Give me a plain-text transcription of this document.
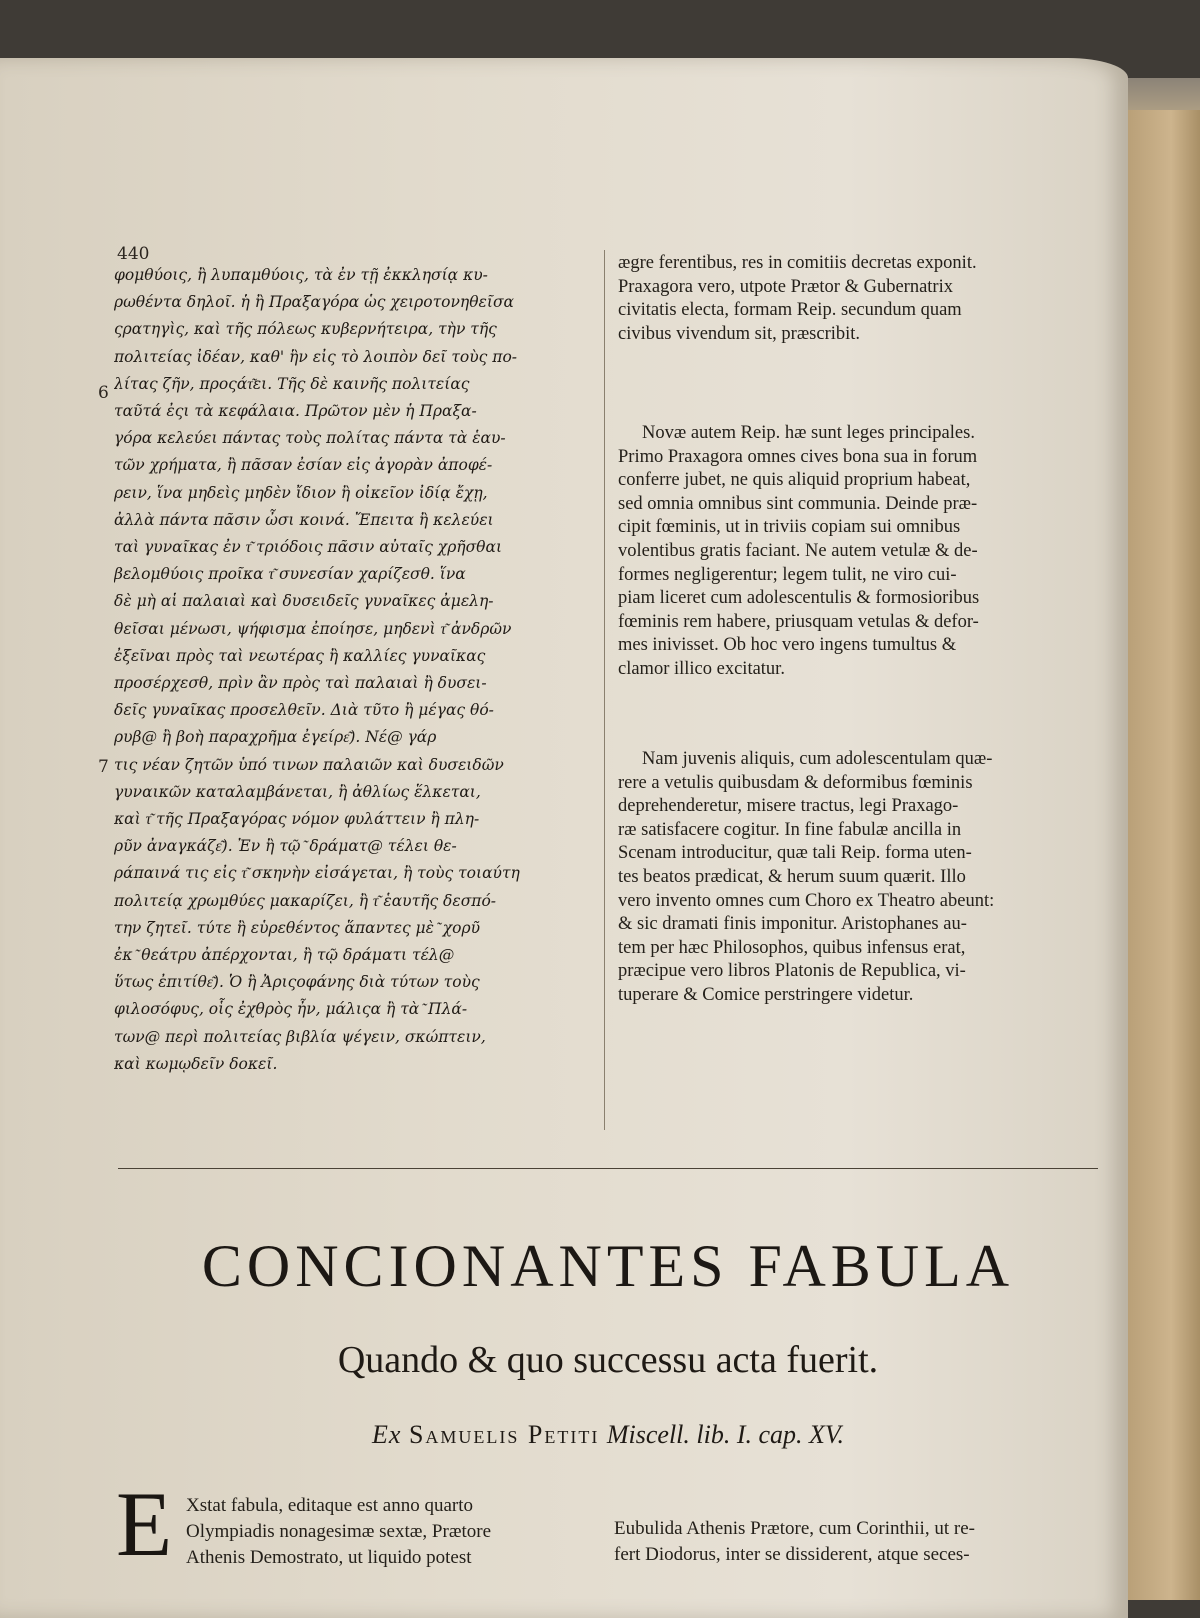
440
φομθύοις, ἢ λυπαμθύοις, τὰ ἐν τῇ ἐκκλησίᾳ κυ-
ρωθέντα δηλοῖ. ἡ ἢ Πραξαγόρα ὡς χειροτονηθεῖσα
ςρατηγὶς, καὶ τῆς πόλεως κυβερνήτειρα, τὴν τῆς
πολιτείας ἰδέαν, καθ' ἣν εἰς τὸ λοιπὸν δεῖ τοὺς πο-
λίτας ζῆν, προςάτ͂ει. Τῆς δὲ καινῆς πολιτείας
ταῦτά ἐςι τὰ κεφάλαια. Πρῶτον μὲν ἡ Πραξα-
γόρα κελεύει πάντας τοὺς πολίτας πάντα τὰ ἑαυ-
τῶν χρήματα, ἢ πᾶσαν ἐσίαν εἰς ἀγορὰν ἀποφέ-
ρειν, ἵνα μηδεὶς μηδὲν ἴδιον ἢ οἰκεῖον ἰδίᾳ ἔχῃ,
ἀλλὰ πάντα πᾶσιν ὦσι κοινά. Ἔπειτα ἢ κελεύει
ταὶ γυναῖκας ἐν τ͂ τριόδοις πᾶσιν αὐταῖς χρῆσθαι
βελομθύοις προῖκα τ͂ συνεσίαν χαρίζεσθ. ἵνα
δὲ μὴ αἱ παλαιαὶ καὶ δυσειδεῖς γυναῖκες ἀμελη-
θεῖσαι μένωσι, ψήφισμα ἐποίησε, μηδενὶ τ͂ ἀνδρῶν
ἐξεῖναι πρὸς ταὶ νεωτέρας ἢ καλλίες γυναῖκας
προσέρχεσθ, πρὶν ἂν πρὸς ταὶ παλαιαὶ ἢ δυσει-
δεῖς γυναῖκας προσελθεῖν. Διὰ τῦτο ἢ μέγας θό-
ρυβ@ ἢ βοὴ παραχρῆμα ἐγείρε͂). Νέ@ γάρ
τις νέαν ζητῶν ὑπό τινων παλαιῶν καὶ δυσειδῶν
γυναικῶν καταλαμβάνεται, ἢ ἀθλίως ἕλκεται,
καὶ τ͂ τῆς Πραξαγόρας νόμον φυλάττειν ἢ πλη-
ρῦν ἀναγκάζε͂). Ἐν ἢ τῷ ͂ δράματ@ τέλει θε-
ράπαινά τις εἰς τ͂ σκηνὴν εἰσάγεται, ἢ τοὺς τοιαύτη
πολιτείᾳ χρωμθύες μακαρίζει, ἢ τ͂ ἑαυτῆς δεσπό-
την ζητεῖ. τύτε ἢ εὑρεθέντος ἅπαντες μὲ ͂ χορῦ
ἐκ ͂ θεάτρυ ἀπέρχονται, ἢ τῷ δράματι τέλ@
ὕτως ἐπιτίθε͂). Ὁ ἢ Ἀριςοφάνης διὰ τύτων τοὺς
φιλοσόφυς, οἷς ἐχθρὸς ἦν, μάλιςα ἢ τὰ ͂ Πλά-
των@ περὶ πολιτείας βιβλία ψέγειν, σκώπτειν,
καὶ κωμῳδεῖν δοκεῖ.
6
7
ægre ferentibus, res in comitiis decretas exponit.
Praxagora vero, utpote Prætor & Gubernatrix
civitatis electa, formam Reip. secundum quam
civibus vivendum sit, præscribit.
Novæ autem Reip. hæ sunt leges principales.
Primo Praxagora omnes cives bona sua in forum
conferre jubet, ne quis aliquid proprium habeat,
sed omnia omnibus sint communia. Deinde præ-
cipit fœminis, ut in triviis copiam sui omnibus
volentibus gratis faciant. Ne autem vetulæ & de-
formes negligerentur; legem tulit, ne viro cui-
piam liceret cum adolescentulis & formosioribus
fœminis rem habere, priusquam vetulas & defor-
mes inivisset. Ob hoc vero ingens tumultus &
clamor illico excitatur.
Nam juvenis aliquis, cum adolescentulam quæ-
rere a vetulis quibusdam & deformibus fœminis
deprehenderetur, misere tractus, legi Praxago-
ræ satisfacere cogitur. In fine fabulæ ancilla in
Scenam introducitur, quæ tali Reip. forma uten-
tes beatos prædicat, & herum suum quærit. Illo
vero invento omnes cum Choro ex Theatro abeunt:
& sic dramati finis imponitur. Aristophanes au-
tem per hæc Philosophos, quibus infensus erat,
præcipue vero libros Platonis de Republica, vi-
tuperare & Comice perstringere videtur.
CONCIONANTES FABULA
Quando & quo successu acta fuerit.
Ex Samuelis Petiti Miscell. lib. I. cap. XV.
E Xstat fabula, editaque est anno quarto
Olympiadis nonagesimæ sextæ, Prætore
Athenis Demostrato, ut liquido potest
Eubulida Athenis Prætore, cum Corinthii, ut re-
fert Diodorus, inter se dissiderent, atque seces-
